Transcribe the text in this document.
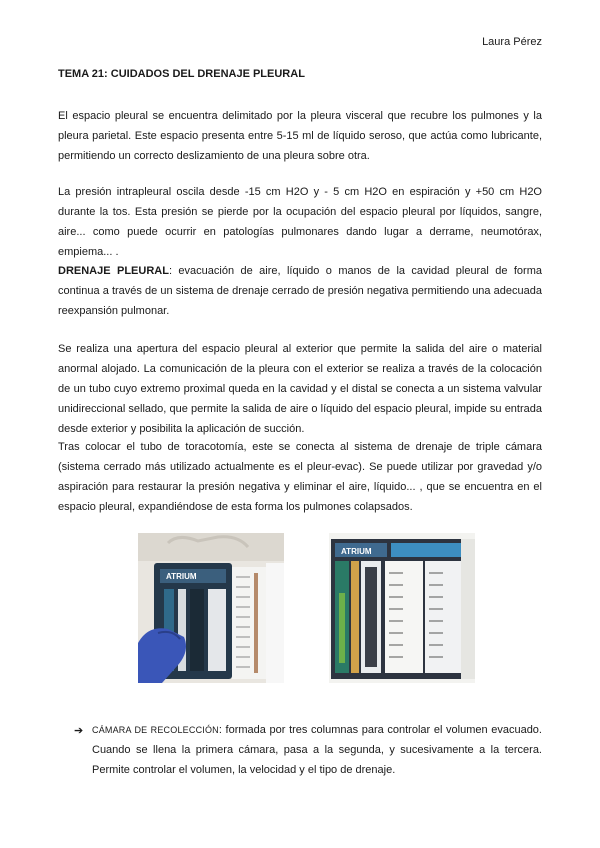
Laura Pérez
TEMA 21: CUIDADOS DEL DRENAJE PLEURAL

El espacio pleural se encuentra delimitado por la pleura visceral que recubre los pulmones y la pleura parietal. Este espacio presenta entre 5-15 ml de líquido seroso, que actúa como lubricante, permitiendo un correcto deslizamiento de una pleura sobre otra.

La presión intrapleural oscila desde -15 cm H2O y - 5 cm H2O en espiración y +50 cm H2O durante la tos. Esta presión se pierde por la ocupación del espacio pleural por líquidos, sangre, aire... como puede ocurrir en patologías pulmonares dando lugar a derrame, neumotórax, empiema... .

DRENAJE PLEURAL: evacuación de aire, líquido o manos de la cavidad pleural de forma continua a través de un sistema de drenaje cerrado de presión negativa permitiendo una adecuada reexpansión pulmonar.

Se realiza una apertura del espacio pleural al exterior que permite la salida del aire o material anormal alojado. La comunicación de la pleura con el exterior se realiza a través de la colocación de un tubo cuyo extremo proximal queda en la cavidad y el distal se conecta a un sistema valvular unidireccional sellado, que permite la salida de aire o líquido del espacio pleural, impide su entrada desde exterior y posibilita la aplicación de succión.

Tras colocar el tubo de toracotomía, este se conecta al sistema de drenaje de triple cámara (sistema cerrado más utilizado actualmente es el pleur-evac). Se puede utilizar por gravedad y/o aspiración para restaurar la presión negativa y eliminar el aire, líquido... , que se encuentra en el espacio pleural, expandiéndose de esta forma los pulmones colapsados.

ATRIUM
ATRIUM
➔ CÁMARA DE RECOLECCIÓN: formada por tres columnas para controlar el volumen evacuado. Cuando se llena la primera cámara, pasa a la segunda, y sucesivamente a la tercera. Permite controlar el volumen, la velocidad y el tipo de drenaje.
